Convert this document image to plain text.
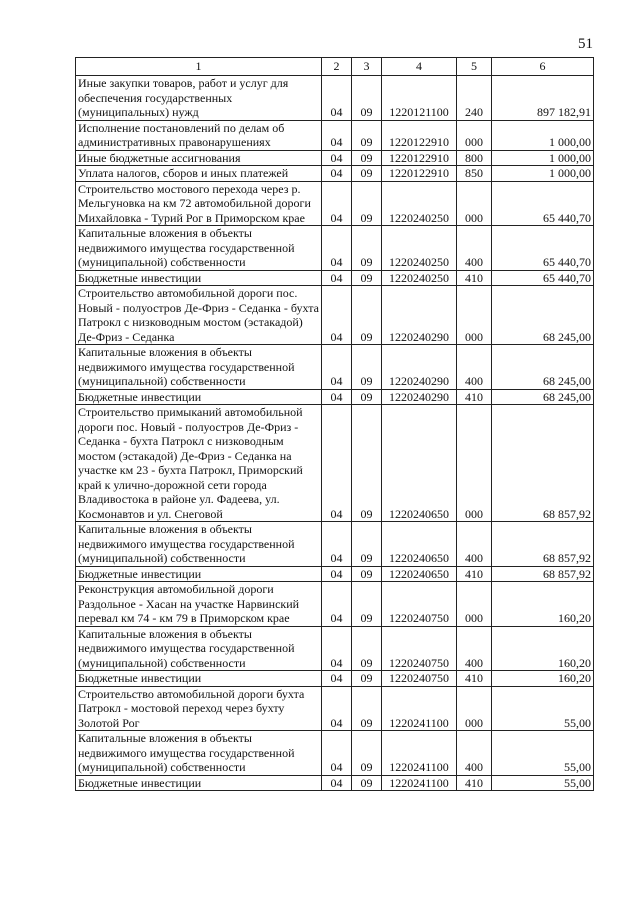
51
1	2	3	4	5	6
Иные закупки товаров, работ и услуг для обеспечения государственных (муниципальных) нужд	04	09	1220121100	240	897 182,91
Исполнение постановлений по делам об административных правонарушениях	04	09	1220122910	000	1 000,00
Иные бюджетные ассигнования	04	09	1220122910	800	1 000,00
Уплата налогов, сборов и иных платежей	04	09	1220122910	850	1 000,00
Строительство мостового перехода через р. Мельгуновка на км 72 автомобильной дороги Михайловка - Турий Рог в Приморском крае	04	09	1220240250	000	65 440,70
Капитальные вложения в объекты недвижимого имущества государственной (муниципальной) собственности	04	09	1220240250	400	65 440,70
Бюджетные инвестиции	04	09	1220240250	410	65 440,70
Строительство автомобильной дороги пос. Новый - полуостров Де-Фриз - Седанка - бухта Патрокл с низководным мостом (эстакадой) Де-Фриз - Седанка	04	09	1220240290	000	68 245,00
Капитальные вложения в объекты недвижимого имущества государственной (муниципальной) собственности	04	09	1220240290	400	68 245,00
Бюджетные инвестиции	04	09	1220240290	410	68 245,00
Строительство примыканий автомобильной дороги пос. Новый - полуостров Де-Фриз - Седанка - бухта Патрокл с низководным мостом (эстакадой) Де-Фриз - Седанка на участке км 23 - бухта Патрокл, Приморский край к улично-дорожной сети города Владивостока в районе ул. Фадеева, ул. Космонавтов и ул. Снеговой	04	09	1220240650	000	68 857,92
Капитальные вложения в объекты недвижимого имущества государственной (муниципальной) собственности	04	09	1220240650	400	68 857,92
Бюджетные инвестиции	04	09	1220240650	410	68 857,92
Реконструкция автомобильной дороги Раздольное - Хасан на участке Нарвинский перевал км 74 - км 79 в Приморском крае	04	09	1220240750	000	160,20
Капитальные вложения в объекты недвижимого имущества государственной (муниципальной) собственности	04	09	1220240750	400	160,20
Бюджетные инвестиции	04	09	1220240750	410	160,20
Строительство автомобильной дороги бухта Патрокл - мостовой переход через бухту Золотой Рог	04	09	1220241100	000	55,00
Капитальные вложения в объекты недвижимого имущества государственной (муниципальной) собственности	04	09	1220241100	400	55,00
Бюджетные инвестиции	04	09	1220241100	410	55,00
